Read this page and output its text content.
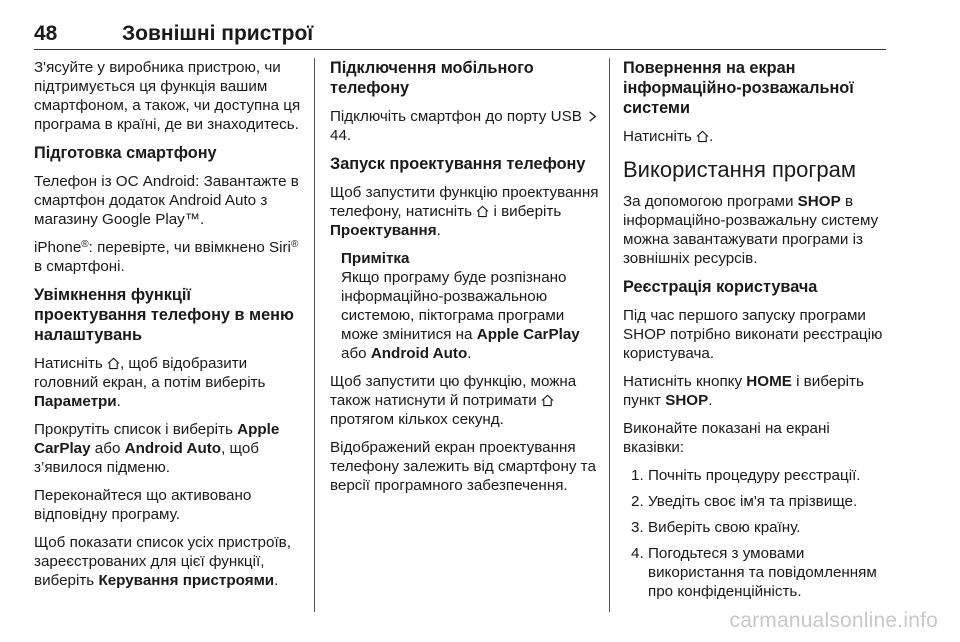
48	Зовнішні пристрої

З'ясуйте у виробника пристрою, чи підтримується ця функція вашим смартфоном, а також, чи доступна ця програма в країні, де ви знаходитесь.

Підготовка смартфону

Телефон із ОС Android: Завантажте в смартфон додаток Android Auto з магазину Google Play™.

iPhone®: перевірте, чи ввімкнено Siri® в смартфоні.

Увімкнення функції проектування телефону в меню налаштувань

Натисніть , щоб відобразити головний екран, а потім виберіть Параметри.

Прокрутіть список і виберіть Apple CarPlay або Android Auto, щоб з’явилося підменю.

Переконайтеся що активовано відповідну програму.

Щоб показати список усіх пристроїв, зареєстрованих для цієї функції, виберіть Керування пристроями.

Підключення мобільного телефону

Підключіть смартфон до порту USB  44.

Запуск проектування телефону

Щоб запустити функцію проектування телефону, натисніть  і виберіть Проектування.

Примітка
Якщо програму буде розпізнано інформаційно-розважальною системою, піктограма програми може змінитися на Apple CarPlay або Android Auto.

Щоб запустити цю функцію, можна також натиснути й потримати  протягом кількох секунд.

Відображений екран проектування телефону залежить від смартфону та версії програмного забезпечення.

Повернення на екран інформаційно-розважальної системи

Натисніть .

Використання програм

За допомогою програми SHOP в інформаційно-розважальну систему можна завантажувати програми із зовнішніх ресурсів.

Реєстрація користувача

Під час першого запуску програми SHOP потрібно виконати реєстрацію користувача.

Натисніть кнопку HOME і виберіть пункт SHOP.

Виконайте показані на екрані вказівки:

1. Почніть процедуру реєстрації.
2. Уведіть своє ім'я та прізвище.
3. Виберіть свою країну.
4. Погодьтеся з умовами використання та повідомленням про конфіденційність.
carmanualsonline.info
